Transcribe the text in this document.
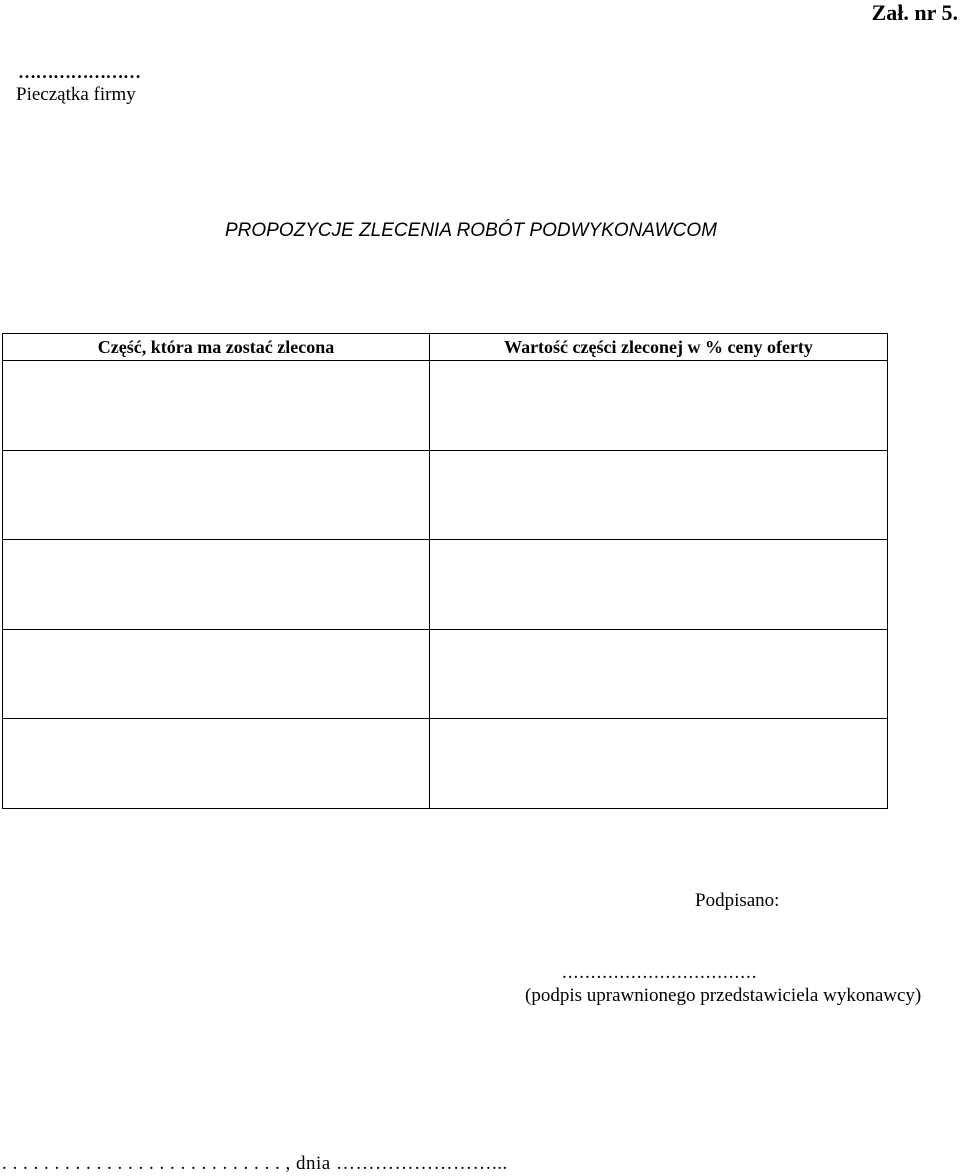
Zał. nr 5.
…………………
Pieczątka firmy
PROPOZYCJE ZLECENIA ROBÓT PODWYKONAWCOM
Część, która ma zostać zlecona	Wartość części zleconej w % ceny oferty

Podpisano:
..................................
(podpis uprawnionego przedstawiciela wykonawcy)
. . . . . . . . . . . . . . . . . . . . . . . . . . . , dnia ……………………...
